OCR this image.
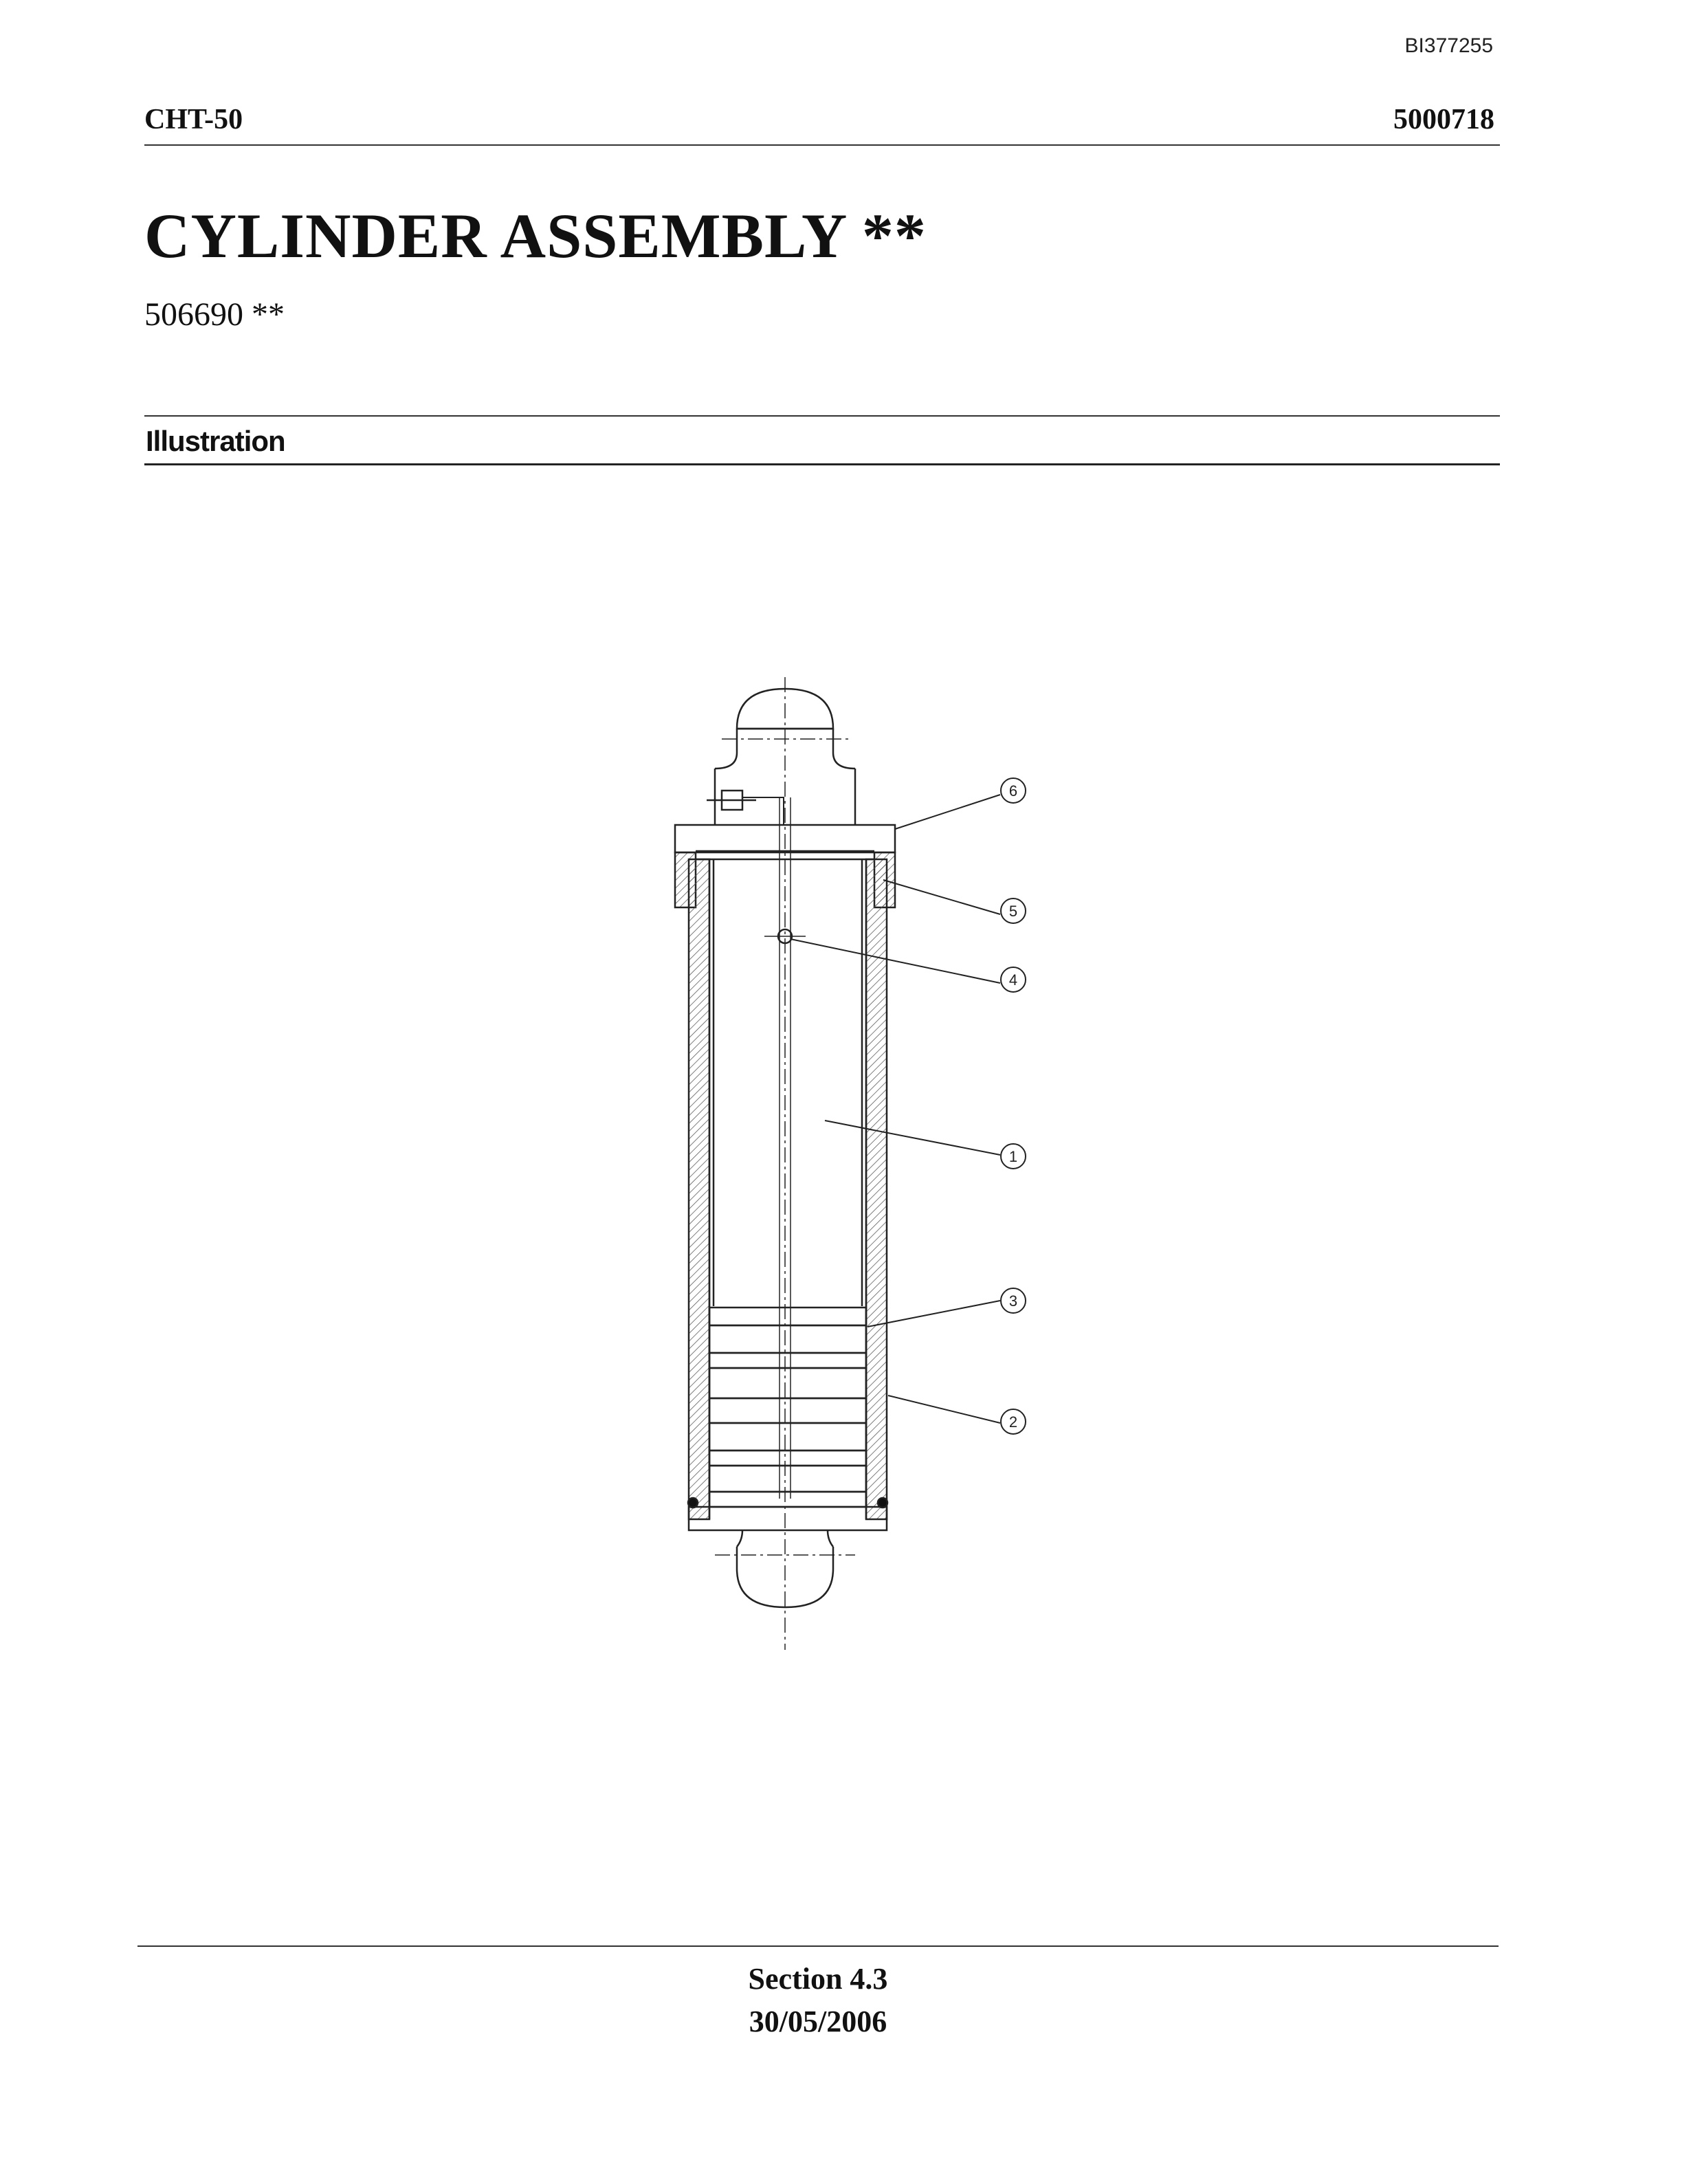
BI377255
CHT-50	5000718
CYLINDER ASSEMBLY **
506690 **
Illustration
6
5
4
1
3
2
Section 4.3
30/05/2006
